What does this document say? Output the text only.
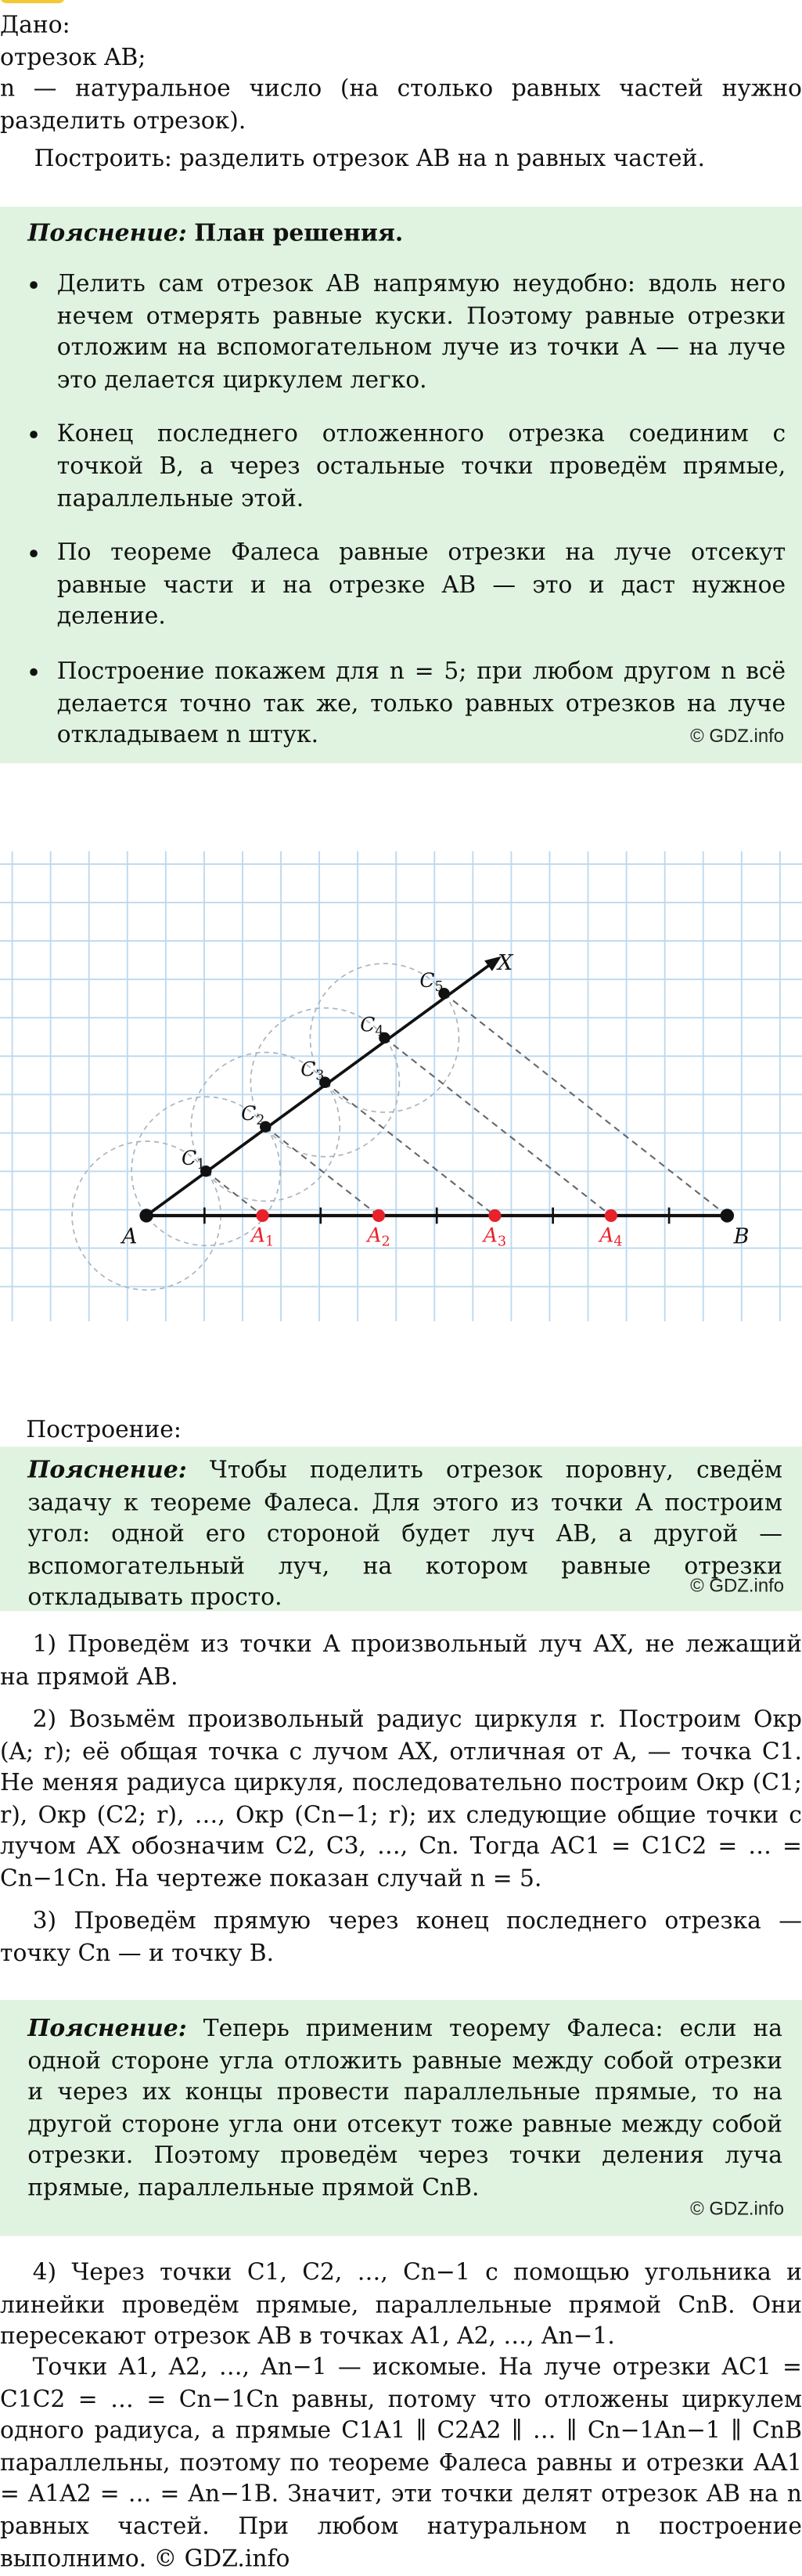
Дано:
отрезок AB;
n — натуральное число (на столько равных частей нужно разделить отрезок).
Построить: разделить отрезок AB на n равных частей.
Пояснение: План решения.
• Делить сам отрезок AB напрямую неудобно: вдоль него нечем отмерять равные куски. Поэтому равные отрезки отложим на вспомогательном луче из точки A — на луче это делается циркулем легко.
• Конец последнего отложенного отрезка соединим с точкой B, а через остальные точки проведём прямые, параллельные этой.
• По теореме Фалеса равные отрезки на луче отсекут равные части и на отрезке AB — это и даст нужное деление.
• Построение покажем для n = 5; при любом другом n всё делается точно так же, только равных отрезков на луче откладываем n штук.	© GDZ.info
A	B
X
$C_1$
$C_2$
$C_3$
$C_4$
$C_5$
$A_1$	$A_2$	$A_3$	$A_4$
Построение:
Пояснение: Чтобы поделить отрезок поровну, сведём задачу к теореме Фалеса. Для этого из точки A построим угол: одной его стороной будет луч AB, а другой — вспомогательный луч, на котором равные отрезки откладывать просто.	© GDZ.info
1) Проведём из точки A произвольный луч AX, не лежащий на прямой AB.
2) Возьмём произвольный радиус циркуля r. Построим Окр (A; r); её общая точка с лучом AX, отличная от A, — точка C1. Не меняя радиуса циркуля, последовательно построим Окр (C1; r), Окр (C2; r), …, Окр (Cn−1; r); их следующие общие точки с лучом AX обозначим C2, C3, …, Cn. Тогда AC1 = C1C2 = … = Cn−1Cn. На чертеже показан случай n = 5.
3) Проведём прямую через конец последнего отрезка — точку Cn — и точку B.
Пояснение: Теперь применим теорему Фалеса: если на одной стороне угла отложить равные между собой отрезки и через их концы провести параллельные прямые, то на другой стороне угла они отсекут тоже равные между собой отрезки. Поэтому проведём через точки деления луча прямые, параллельные прямой CnB.
© GDZ.info
4) Через точки C1, C2, …, Cn−1 с помощью угольника и линейки проведём прямые, параллельные прямой CnB. Они пересекают отрезок AB в точках A1, A2, …, An−1.
Точки A1, A2, …, An−1 — искомые. На луче отрезки AC1 = C1C2 = … = Cn−1Cn равны, потому что отложены циркулем одного радиуса, а прямые C1A1 ∥ C2A2 ∥ … ∥ Cn−1An−1 ∥ CnB параллельны, поэтому по теореме Фалеса равны и отрезки AA1 = A1A2 = … = An−1B. Значит, эти точки делят отрезок AB на n равных частей. При любом натуральном n построение выполнимо. © GDZ.info
